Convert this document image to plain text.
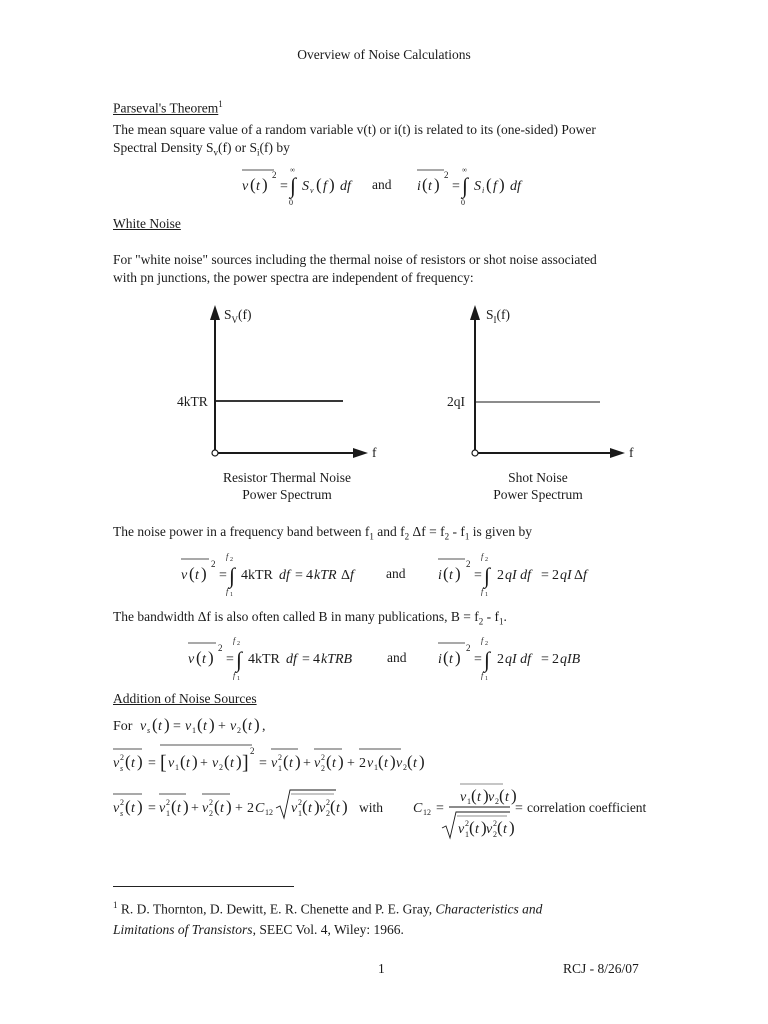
Overview of Noise Calculations
Parseval's Theorem$^1$
The mean square value of a random variable v(t) or i(t) is related to its (one-sided) Power
Spectral Density $S_v(f)$ or $S_i(f)$ by
v ( t ) 2
= ∫
∞
0
S v ( f ) df and i ( t ) 2
= ∫
∞
0
S i ( f ) df
White Noise
For "white noise" sources including the thermal noise of resistors or shot noise associated
with pn junctions, the power spectra are independent of frequency:
$S_V(f)$
4kTR
f
Resistor Thermal Noise
Power Spectrum
$S_I(f)$
2qI
f
Shot Noise
Power Spectrum
The noise power in a frequency band between $f_1$ and $f_2$ $\Delta f = f_2 - f_1$ is given by
v ( t ) 2
= ∫
f 2
f 1
4kTR df = 4 kTR Δ f and i ( t ) 2
= ∫
f 2
f 1
2 qI df = 2 qI Δ f
The bandwidth Δf is also often called B in many publications, $B = f_2 - f_1$.
v ( t ) 2
= ∫
f 2
f 1
4kTR df = 4 kTRB	and i ( t ) 2
= ∫
f 2
f 1
2 qI df = 2 qIB
Addition of Noise Sources
For v s ( t ) = v 1 ( t ) + v 2 ( t ) ,
v 2
s ( t ) = [ v 1 ( t ) + v 2 ( t ) ]
2
= v 2
1 ( t ) + v 2
2 ( t ) + 2 v 1 ( t ) v 2 ( t )
v 2
s ( t ) = v 2
1 ( t ) + v 2
2 ( t ) + 2 C 12 v 2
1 ( t ) v 2
2 ( t ) with C 12 =
v 1 ( t ) v 2 ( t )
v 2
1 ( t ) v 2
2 ( t )
= correlation coefficient
$^1$ R. D. Thornton, D. Dewitt, E. R. Chenette and P. E. Gray, Characteristics and
Limitations of Transistors, SEEC Vol. 4, Wiley: 1966.
1	RCJ - 8/26/07
